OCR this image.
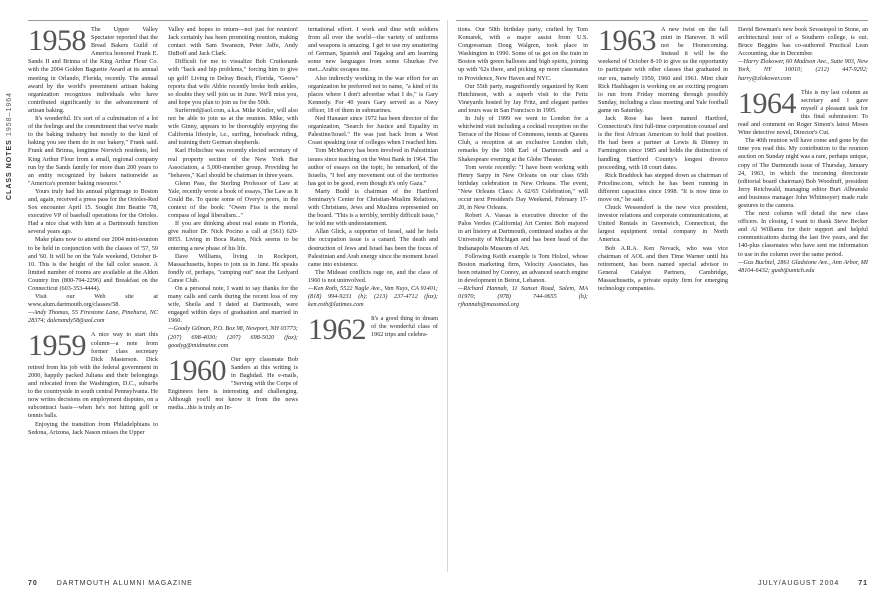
CLASS NOTES 1958–1964

1958 The Upper Valley Spectator reported that the Bread Bakers Guild of America honored Frank E. Sands II and Brinna of the King Arthur Flour Co. with the 2004 Golden Baguette Award at its annual meeting in Orlando, Florida, recently. The annual award by the world's preeminent artisan baking organization recognizes individuals who have contributed significantly to the advancement of artisan baking.

It's wonderful. It's sort of a culmination of a lot of the feelings and the commitment that we've made to the baking industry but mostly to the kind of baking you see them do in our bakery," Frank said. Frank and Brinna, longtime Norwich residents, led King Arthur Flour from a small, regional company run by the Sands family for more than 200 years to an entity recognized by bakers nationwide as "America's premier baking resource."

Yours truly had his annual pilgrimage to Boston and, again, received a press pass for the Orioles-Red Sox encounter April 15. Sought Jim Beattie '78, executive VP of baseball operations for the Orioles. Had a nice chat with him at a Dartmouth function several years ago.

Make plans now to attend our 2004 mini-reunion to be held in conjunction with the classes of '57, 59 and '60. It will be on the Yale weekend, October 8-10. This is the height of the fall color season. A limited number of rooms are available at the Alden Country Inn (800-794-2296) and Breakfast on the Connecticut (603-353-4444).

Visit our Web site at www.alum.dartmouth.org/classes/58.

—Andy Thomas, 55 Firestone Lane, Pinehurst, NC 28374; dalenandy58@aol.com

1959 A nice way to start this column—a note from former class secretary Dick Masterson. Dick retired from his job with the federal government in 2000, happily packed Juliana and their belongings and relocated from the Washington, D.C., suburbs to the countryside in south central Pennsylvania. He now writes decisions on employment disputes, on a subcontract basis—when he's not hitting golf or tennis balls.

Enjoying the transition from Philadelphians to Sedona, Arizona, Jack Nason misses the Upper

Valley and hopes to return—not just for reunion! Jack certainly has been promoting reunion, making contact with Sam Swanson, Peter Jaffe, Andy DuBoff and Jack Clark.

Difficult for me to visualize Bob Cruiksnank with "back and hip problems," forcing him to give up golf! Living in Delray Beach, Florida, "Geeos" reports that wife Abbie recently broke both ankles, so doubts they will join us in June. We'll miss you, and hope you plan to join us for the 50th.

Surferrnd@aol.com, a.k.a. Mike Kistler, will also not be able to join us at the reunion. Mike, with wife Ginny, appears to be thoroughly enjoying the California lifestyle, i.e., surfing, horseback riding, and training their German shepherds.

Karl Holtschue was recently elected secretary of real property section of the New York Bar Association, a 5,000-member group. Providing he "behaves," Karl should be chairman in three years.

Glenn Pass, the Sterling Professor of Law at Yale, recently wrote a book of essays, The Law as It Could Be. To quote some of Overy's peers, in the context of the book: "Owen Fiss is the moral compass of legal liberalism..."

If you are thinking about real estate in Florida, give realtor Dr. Nick Pocino a call at (561) 620-8955. Living in Boca Raton, Nick seems to be entering a new phase of his life.

Dave Williams, living in Rockport, Massachusetts, hopes to join us in June. He speaks fondly of, perhaps, "camping out" near the Ledyard Canoe Club.

On a personal note, I want to say thanks for the many calls and cards during the recent loss of my wife, Sheila and I dated at Dartmouth, were engaged within days of graduation and married in 1960.

—Goody Gilman, P.O. Box 98, Newport, NH 03773; (207) 698-4030; (207) 698-5020 (fax); goodyg@midmaine.com

1960 Our spry classmate Bob Sanders at this writing is in Baghdad. He e-mails, "Serving with the Corps of Engineers here is interesting and challenging. Although you'll not know it from the news media...this is truly an In-

ternational effort. I work and dine with soldiers from all over the world—the variety of uniforms and weapons is amazing. I get to use my smattering of German, Spanish and Tagalog and am learning some new languages from some Ghurkas I've met...Arabic escapes me.

Also indirectly working in the war effort for an organization he preferred not to name, "a kind of its places where I don't advertise what I do," is Gary Kennedy. For 40 years Gary served as a Navy officer, 18 of them in submarines.

Ned Hanauer since 1972 has been director of the organization, "Search for Justice and Equality in Palestine/Israel." He was just back from a West Coast speaking tour of colleges when I reached him.

Tom McMurrey has been involved in Palestinian issues since teaching on the West Bank in 1964. The author of essays on the topic, he remarked, of the Israelis, "I feel any movement out of the territories has got to be good, even though it's only Gaza."

Marty Budd is chairman of the Hartford Seminary's Center for Christian-Muslim Relations, with Christians, Jews and Muslims represented on the board. "This is a terribly, terribly difficult issue," he told me with understatement.

Allan Glick, a supporter of Israel, said he feels the occupation issue is a canard. The death and destruction of Jews and Israel has been the focus of Palestinian and Arab energy since the moment Israel came into existence.

The Mideast conflicts rage on, and the class of 1960 is not uninvolved.

—Ken Roth, 5522 Nagle Ave., Van Nuys, CA 91401; (818) 994-9231 (h); (213) 237-4712 (fax); ken.roth@latimes.com

1962 It's a good thing to dream of the wonderful class of 1962 trips and celebra-

tions. Our 50th birthday party, crafted by Tom Komarek, with a major assist from U.S. Congressman Doug Walgren, took place in Washington in 1990. Some of us got on the train in Boston with green balloons and high spirits, joining up with '62s there, and picking up more classmates in Providence, New Haven and NYC.

Our 55th party, magnificently organized by Kent Hutchinson, with a superb visit to the Feitz Vineyards hosted by Jay Fritz, and elegant parties and tours was in San Francisco in 1995.

In July of 1999 we went to London for a whirlwind visit including a cocktail reception on the Terrace of the House of Commons, tennis at Queens Club, a reception at an exclusive London club, remarks by the 10th Earl of Dartmouth and a Shakespeare evening at the Globe Theater.

Tom wrote recently: "I have been working with Henry Sarpy in New Orleans on our class 65th birthday celebration in New Orleans. The event, "New Orleans Class: A 62/65 Celebration," will occur next President's Day Weekend, February 17-20, in New Orleans.

Robert A. Vassas is executive director of the Palos Verdes (California) Art Center. Bob majored in art history at Dartmouth, continued studies at the University of Michigan and has been head of the Indianapolis Museum of Art.

Following Keith example is Tom Holzel, whose Boston marketing firm, Velocity Associates, has been retained by Conrey, an advanced search engine in development in Beirut, Lebanon.

—Richard Hannah, 11 Sunset Road, Salem, MA 01970; (978) 744-0655 (h); rjhannah@massmed.org

1963 A new twist on the fall mini in Hanover. It will not be Homecoming. Instead it will be the weekend of October 8-10 to give us the opportunity to participate with other classes that graduated in our era, namely 1959, 1960 and 1961. Mini chair Rick Hashhagen is working on an exciting program to run from Friday morning through possibly Sunday, including a class meeting and Yale football game on Saturday.

Jack Rose has been named Hartford, Connecticut's first full-time corporation counsel and is the first African American to hold that position. He had been a partner at Lewis & Dinney in Farmington since 1985 and holds the distinction of handling Hartford County's longest divorce proceeding, with 18 court dates.

Rick Braddock has stepped down as chairman of Priceline.com, which he has been running in different capacities since 1998. "It is now time to move on," he said.

Chuck Wessendorf is the new vice president, investor relations and corporate communications, at United Rentals in Greenwich, Connecticut, the largest equipment rental company in North America.

Bob A.R.A. Ken Novack, who was vice chairman of AOL and then Time Warner until his retirement, has been named special advisor to General Catalyst Partners, Cambridge, Massachusetts, a private equity firm for emerging technology companies.

David Bowman's new book Sevastopol in Stone, an architectural tour of a Southern college, is out. Bruce Beggins has co-authored Practical Lean Accounting, due in December.

—Harry Zlokower, 60 Madison Ave., Suite 903, New York, NY 10010; (212) 447-9292; harry@zlokower.com

1964 This is my last column as secretary and I gave myself a pleasant task for this final submission: To read and comment on Roger Simon's latest Moses Wine detective novel, Director's Cut.

The 40th reunion will have come and gone by the time you read this. My contribution to the reunion auction on Sunday night was a rare, perhaps unique, copy of The Dartmouth issue of Thursday, January 24, 1963, in which the incoming directorate (editorial board chairman) Bob Woodruff, president Jerry Reichwald, managing editor Burt Albranski and business manager John Whitmoyer) made rude gestures to the camera.

The next column will detail the new class officers. In closing, I want to thank Steve Becker and Al Williams for their support and helpful communications during the last five years, and the 140-plus classmates who have sent me information to use in the column over the same period.

—Gus Buchtel, 2861 Gladstone Ave., Ann Arbor, MI 48104-6432; gusb@umich.edu

70	DARTMOUTH ALUMNI MAGAZINE	JULY/AUGUST 2004	71
